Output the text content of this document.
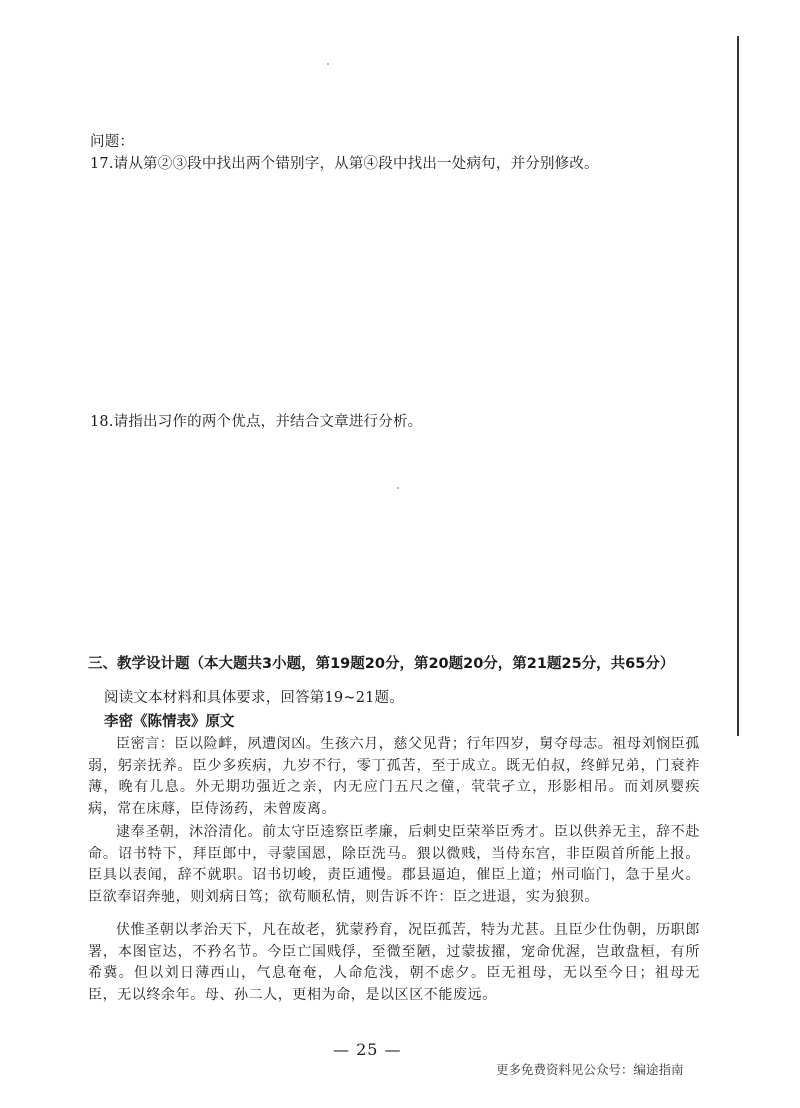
问题：
17.请从第②③段中找出两个错别字，从第④段中找出一处病句，并分别修改。
18.请指出习作的两个优点，并结合文章进行分析。
三、教学设计题（本大题共3小题，第19题20分，第20题20分，第21题25分，共65分）
阅读文本材料和具体要求，回答第19~21题。
李密《陈情表》原文
臣密言：臣以险衅，夙遭闵凶。生孩六月，慈父见背；行年四岁，舅夺母志。祖母刘悯臣孤弱，躬亲抚养。臣少多疾病，九岁不行，零丁孤苦，至于成立。既无伯叔，终鲜兄弟，门衰祚薄，晚有儿息。外无期功强近之亲，内无应门五尺之僮，茕茕孑立，形影相吊。而刘夙婴疾病，常在床蓐，臣侍汤药，未曾废离。
逮奉圣朝，沐浴清化。前太守臣逵察臣孝廉，后刺史臣荣举臣秀才。臣以供养无主，辞不赴命。诏书特下，拜臣郎中，寻蒙国恩，除臣洗马。猥以微贱，当侍东宫，非臣陨首所能上报。臣具以表闻，辞不就职。诏书切峻，责臣逋慢。郡县逼迫，催臣上道；州司临门，急于星火。臣欲奉诏奔驰，则刘病日笃；欲苟顺私情，则告诉不许：臣之进退，实为狼狈。
伏惟圣朝以孝治天下，凡在故老，犹蒙矜育，况臣孤苦，特为尤甚。且臣少仕伪朝，历职郎署，本图宦达，不矜名节。今臣亡国贱俘，至微至陋，过蒙拔擢，宠命优渥，岂敢盘桓，有所希冀。但以刘日薄西山，气息奄奄，人命危浅，朝不虑夕。臣无祖母，无以至今日；祖母无臣，无以终余年。母、孙二人，更相为命，是以区区不能废远。
— 25 —
更多免费资料见公众号：编途指南
